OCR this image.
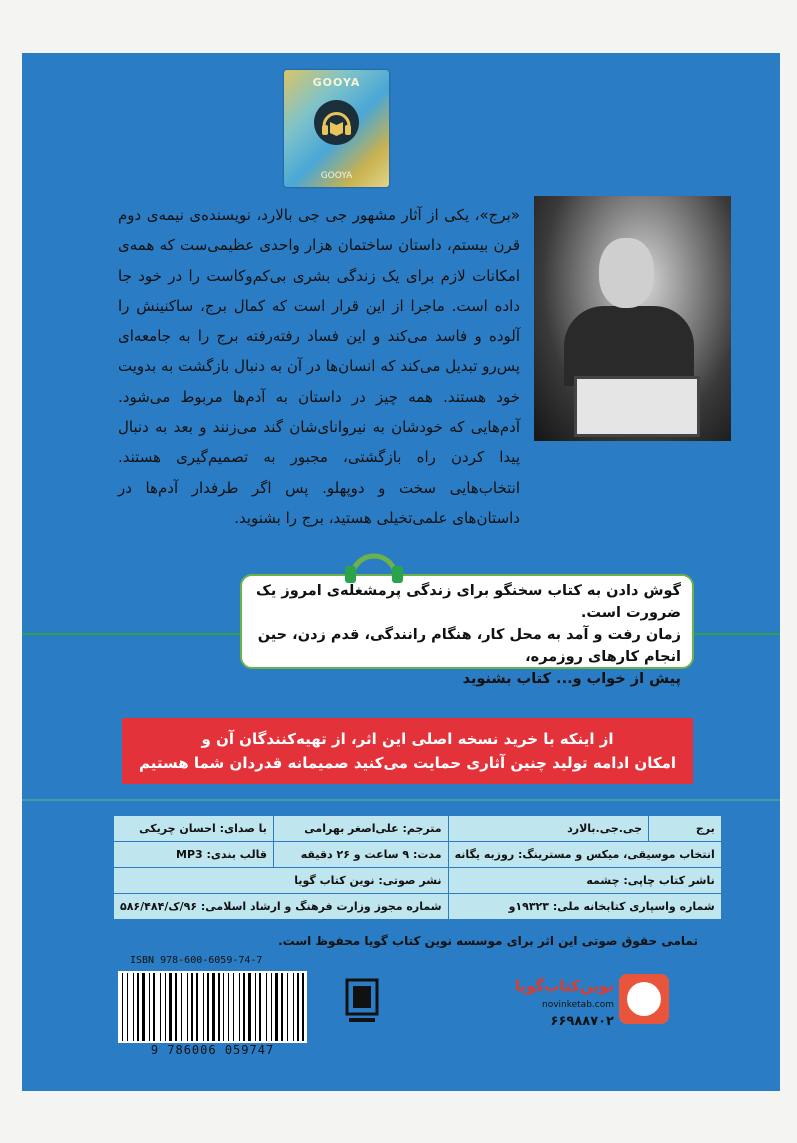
GOOYA
GOOYA

«برج»، یکی از آثار مشهور جی جی بالارد، نویسنده‌ی نیمه‌ی دوم قرن بیستم، داستان ساختمان هزار واحدی عظیمی‌ست که همه‌ی امکانات لازم برای یک زندگی بشری بی‌کم‌وکاست را در خود جا داده است. ماجرا از این قرار است که کمال برج، ساکنینش را آلوده و فاسد می‌کند و این فساد رفته‌رفته برج را به جامعه‌ای پس‌رو تبدیل می‌کند که انسان‌ها در آن به دنبال بازگشت به بدویت خود هستند. همه چیز در داستان به آدم‌ها مربوط می‌شود. آدم‌هایی که خودشان به نیروانای‌شان گند می‌زنند و بعد به دنبال پیدا کردن راه بازگشتی، مجبور به تصمیم‌گیری هستند. انتخاب‌هایی سخت و دوپهلو. پس اگر طرفدار آدم‌ها در داستان‌های علمی‌تخیلی هستید، برج را بشنوید.

گوش دادن به کتاب سخنگو برای زندگی پرمشغله‌ی امروز یک ضرورت است.
زمان رفت و آمد به محل کار، هنگام رانندگی، قدم زدن، حین انجام کارهای روزمره،
پیش از خواب و... کتاب بشنوید
از اینکه با خرید نسخه اصلی این اثر، از تهیه‌کنندگان آن و
امکان ادامه تولید چنین آثاری حمایت می‌کنید صمیمانه قدردان شما هستیم
برج	جی.جی.بالارد	مترجم: علی‌اصغر بهرامی	با صدای: احسان چریکی
انتخاب موسیقی، میکس و مسترینگ: روزبه یگانه		مدت: ۹ ساعت و ۲۶ دقیقه	قالب بندی: MP3
ناشر کتاب چاپی: چشمه		نشر صوتی: نوین کتاب گویا	
شماره واسپاری کتابخانه ملی: ۱۹۳۲۳و		شماره مجوز وزارت فرهنگ و ارشاد اسلامی: ۹۶/ک/۵۸۶/۴۸۴	

تمامی حقوق صوتی این اثر برای موسسه نوین کتاب گویا محفوظ است.

ISBN 978-600-6059-74-7
9 786006 059747
نوین‌کتاب‌گویا
novinketab.com
۶۶۹۸۸۷۰۲
